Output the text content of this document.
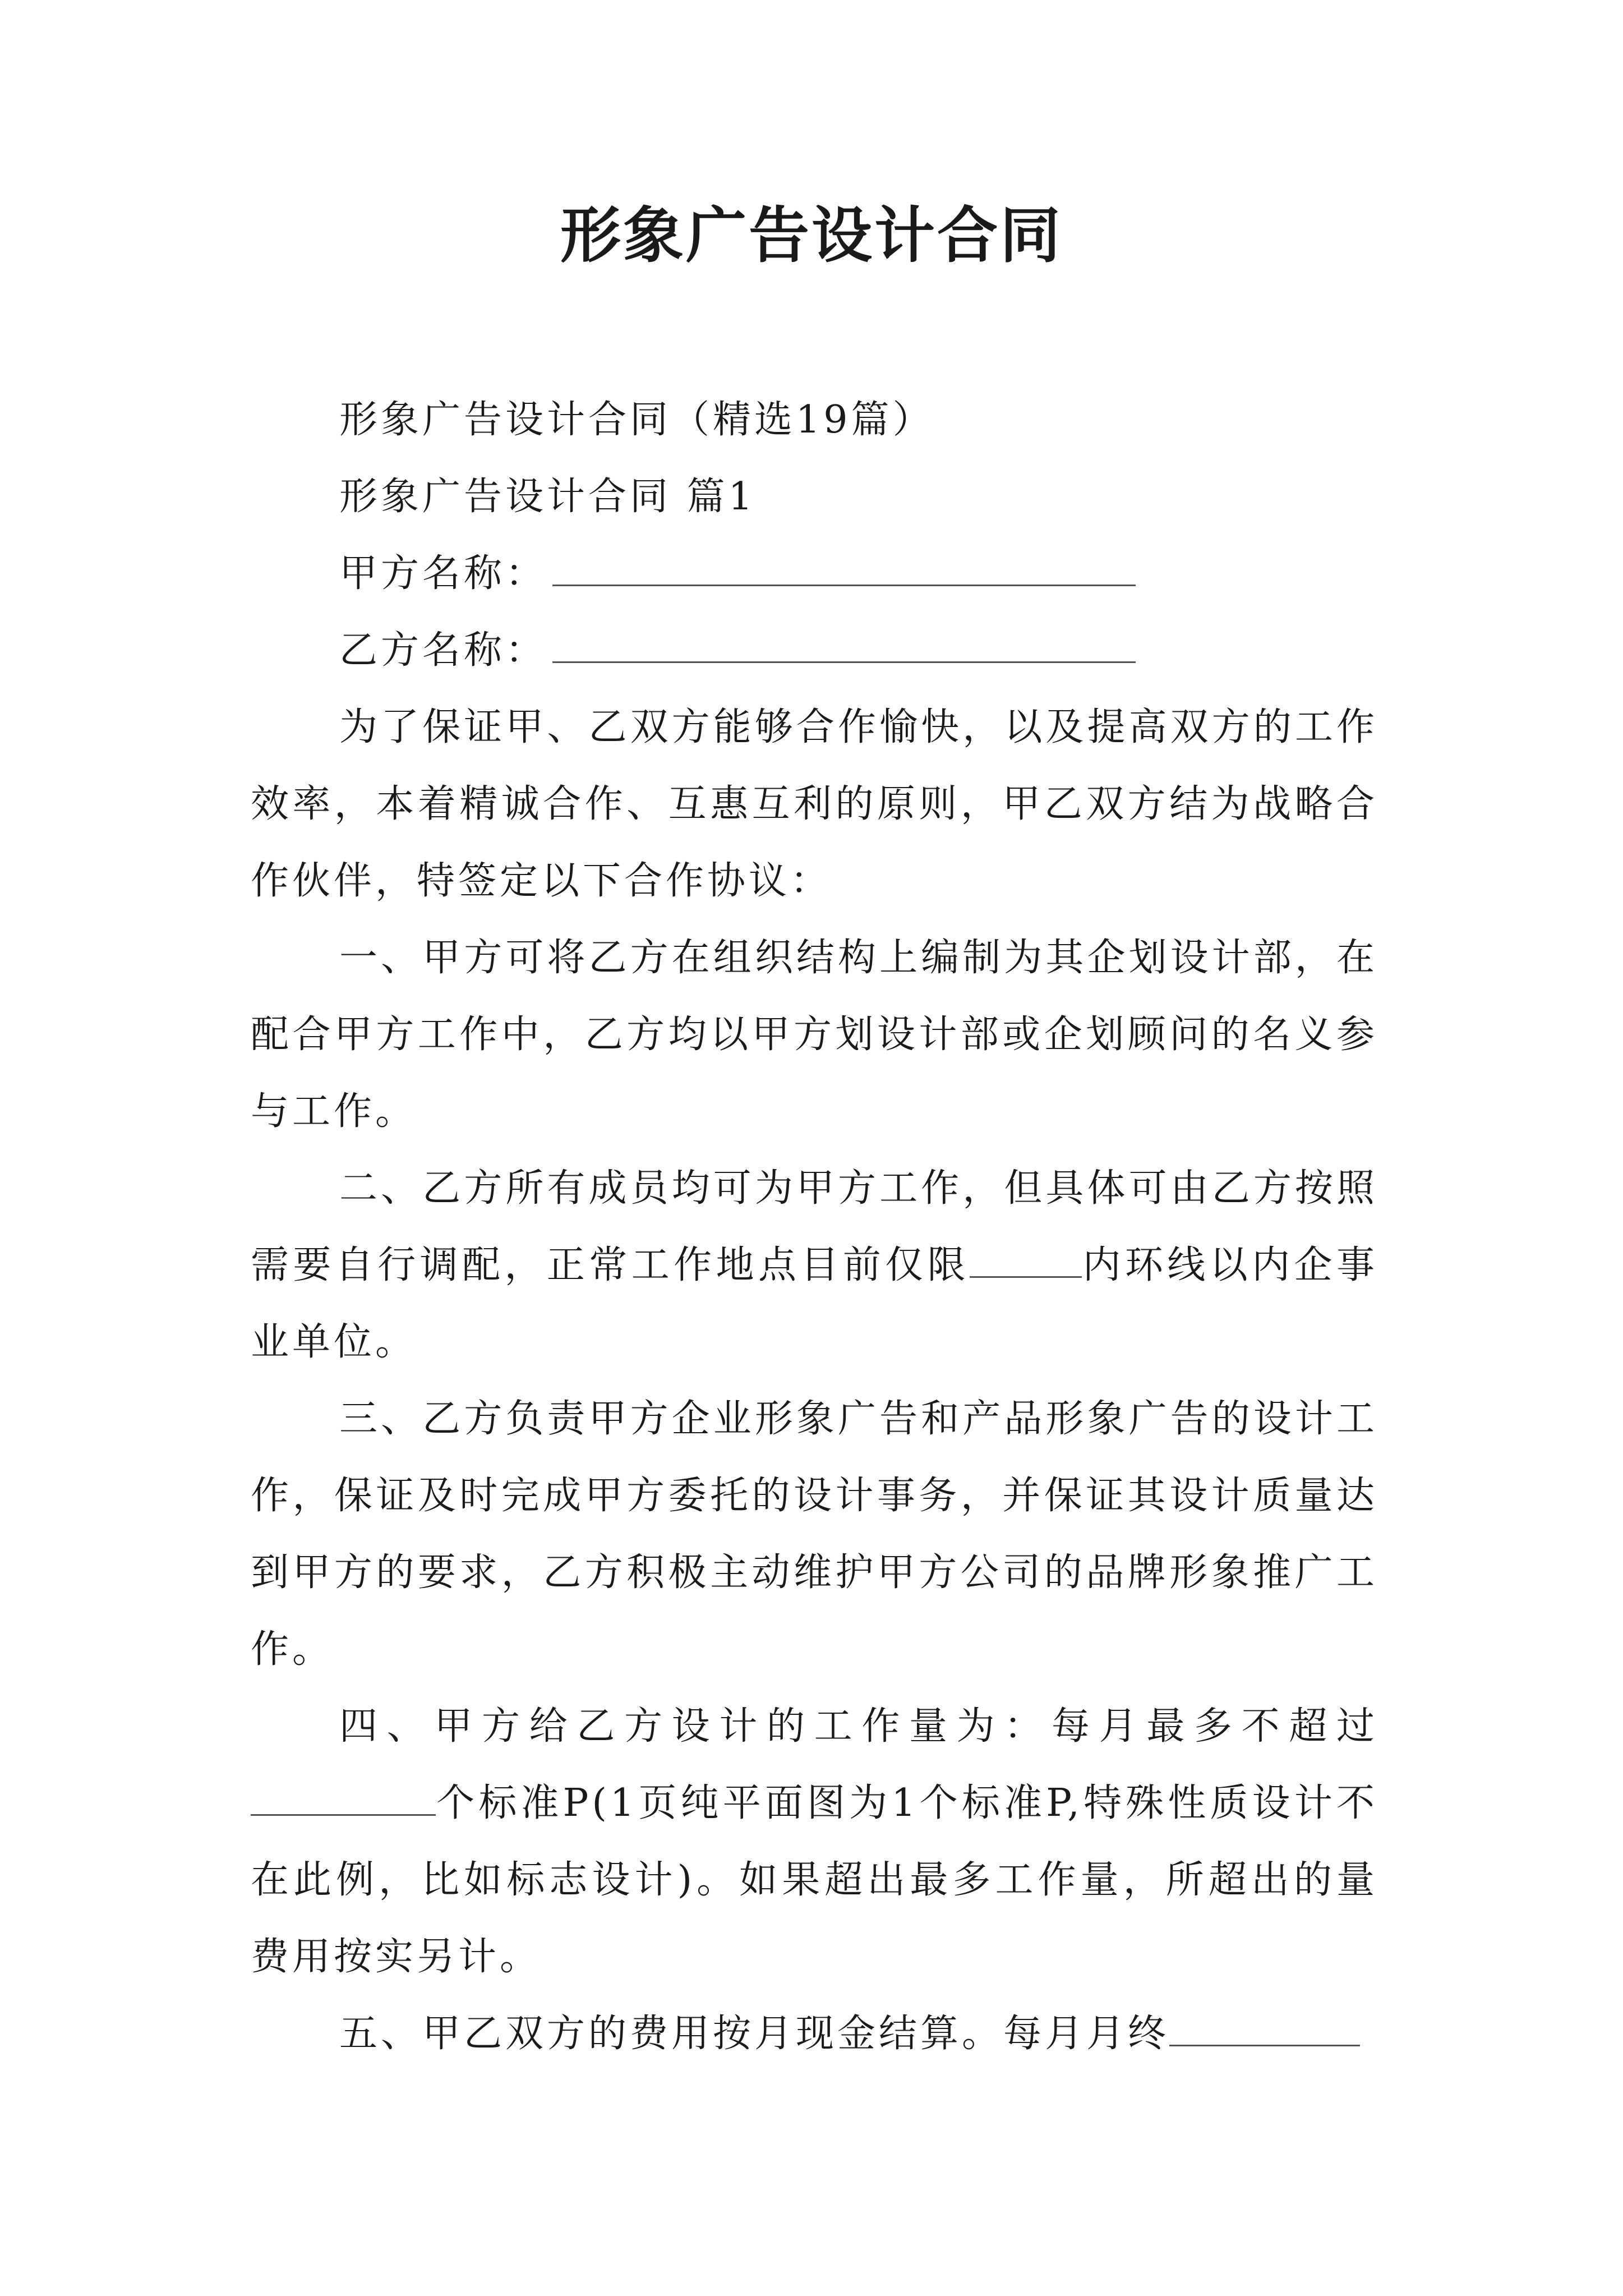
形象广告设计合同

形象广告设计合同（精选19篇）

形象广告设计合同 篇1

甲方名称：

乙方名称：

为了保证甲、乙双方能够合作愉快，以及提高双方的工作效率，本着精诚合作、互惠互利的原则，甲乙双方结为战略合作伙伴，特签定以下合作协议：

一、甲方可将乙方在组织结构上编制为其企划设计部，在配合甲方工作中，乙方均以甲方划设计部或企划顾问的名义参与工作。

二、乙方所有成员均可为甲方工作，但具体可由乙方按照需要自行调配，正常工作地点目前仅限	内环线以内企事业单位。

三、乙方负责甲方企业形象广告和产品形象广告的设计工作，保证及时完成甲方委托的设计事务，并保证其设计质量达到甲方的要求，乙方积极主动维护甲方公司的品牌形象推广工作。

四、甲方给乙方设计的工作量为：每月最多不超过个标准P(1页纯平面图为1个标准P,特殊性质设计不在此例，比如标志设计)。如果超出最多工作量，所超出的量费用按实另计。

五、甲乙双方的费用按月现金结算。每月月终
